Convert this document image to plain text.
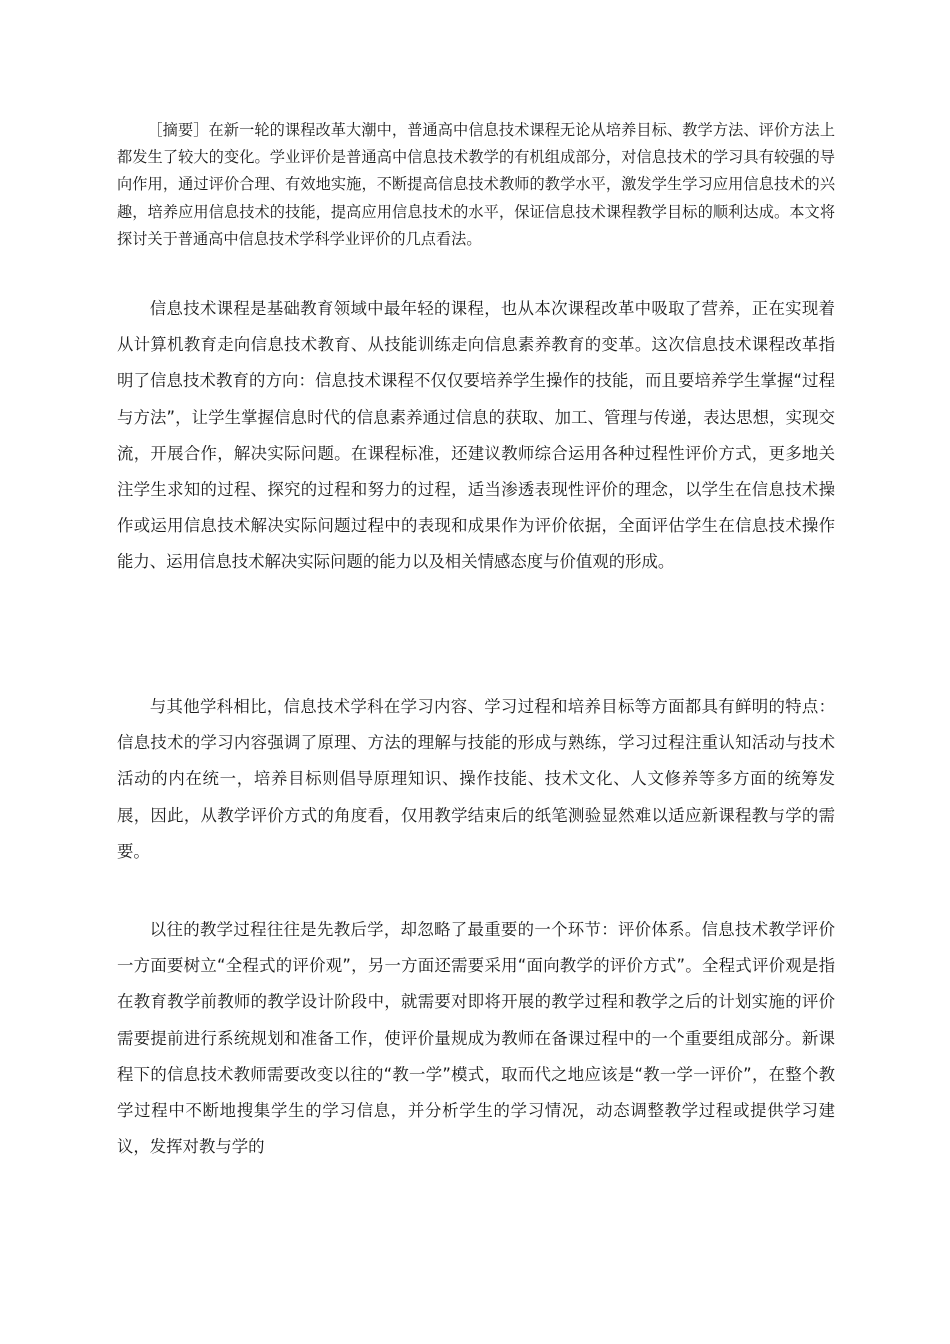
［摘要］在新一轮的课程改革大潮中，普通高中信息技术课程无论从培养目标、教学方法、评价方法上都发生了较大的变化。学业评价是普通高中信息技术教学的有机组成部分，对信息技术的学习具有较强的导向作用，通过评价合理、有效地实施，不断提高信息技术教师的教学水平，激发学生学习应用信息技术的兴趣，培养应用信息技术的技能，提高应用信息技术的水平，保证信息技术课程教学目标的顺利达成。本文将探讨关于普通高中信息技术学科学业评价的几点看法。

信息技术课程是基础教育领域中最年轻的课程，也从本次课程改革中吸取了营养，正在实现着从计算机教育走向信息技术教育、从技能训练走向信息素养教育的变革。这次信息技术课程改革指明了信息技术教育的方向：信息技术课程不仅仅要培养学生操作的技能，而且要培养学生掌握“过程与方法”，让学生掌握信息时代的信息素养通过信息的获取、加工、管理与传递，表达思想，实现交流，开展合作，解决实际问题。在课程标准，还建议教师综合运用各种过程性评价方式，更多地关注学生求知的过程、探究的过程和努力的过程，适当渗透表现性评价的理念，以学生在信息技术操作或运用信息技术解决实际问题过程中的表现和成果作为评价依据，全面评估学生在信息技术操作能力、运用信息技术解决实际问题的能力以及相关情感态度与价值观的形成。

与其他学科相比，信息技术学科在学习内容、学习过程和培养目标等方面都具有鲜明的特点：信息技术的学习内容强调了原理、方法的理解与技能的形成与熟练，学习过程注重认知活动与技术活动的内在统一，培养目标则倡导原理知识、操作技能、技术文化、人文修养等多方面的统筹发展，因此，从教学评价方式的角度看，仅用教学结束后的纸笔测验显然难以适应新课程教与学的需要。

以往的教学过程往往是先教后学，却忽略了最重要的一个环节：评价体系。信息技术教学评价一方面要树立“全程式的评价观”，另一方面还需要采用“面向教学的评价方式”。全程式评价观是指在教育教学前教师的教学设计阶段中，就需要对即将开展的教学过程和教学之后的计划实施的评价需要提前进行系统规划和准备工作，使评价量规成为教师在备课过程中的一个重要组成部分。新课程下的信息技术教师需要改变以往的“教一学”模式，取而代之地应该是“教一学一评价”，在整个教学过程中不断地搜集学生的学习信息，并分析学生的学习情况，动态调整教学过程或提供学习建议，发挥对教与学的
